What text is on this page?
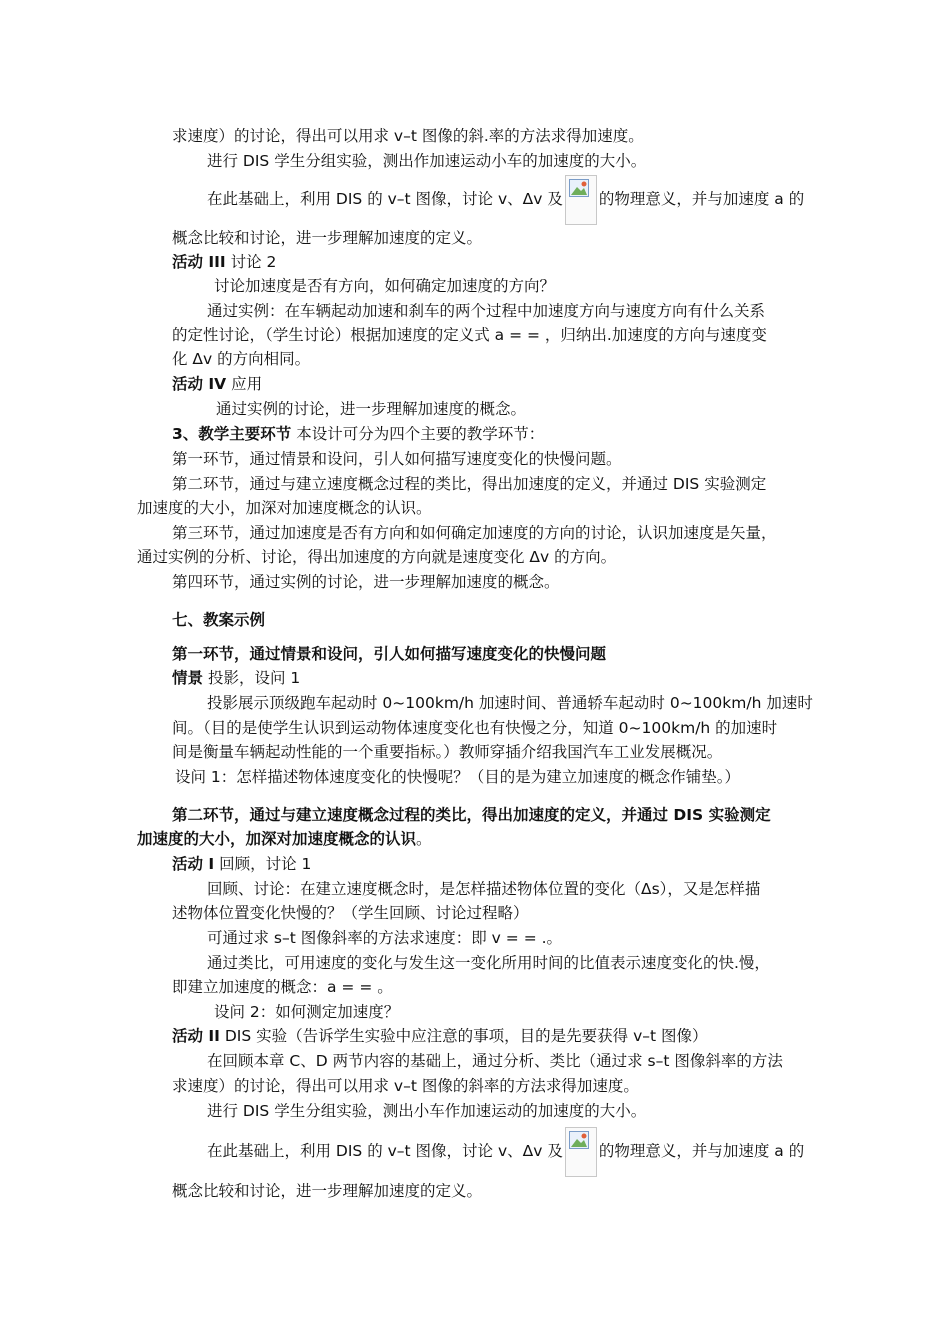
求速度）的讨论，得出可以用求 v–t 图像的斜.率的方法求得加速度。
进行 DIS 学生分组实验，测出作加速运动小车的加速度的大小。
在此基础上，利用 DIS 的 v–t 图像，讨论 v、Δv 及 的物理意义，并与加速度 a 的
概念比较和讨论，进一步理解加速度的定义。
活动 III 讨论 2
讨论加速度是否有方向，如何确定加速度的方向？
通过实例：在车辆起动加速和刹车的两个过程中加速度方向与速度方向有什么关系
的定性讨论，（学生讨论）根据加速度的定义式 a = = ，归纳出.加速度的方向与速度变
化 Δv 的方向相同。
活动 IV 应用
通过实例的讨论，进一步理解加速度的概念。
3、教学主要环节 本设计可分为四个主要的教学环节：
第一环节，通过情景和设问，引人如何描写速度变化的快慢问题。
第二环节，通过与建立速度概念过程的类比，得出加速度的定义，并通过 DIS 实验测定
加速度的大小，加深对加速度概念的认识。
第三环节，通过加速度是否有方向和如何确定加速度的方向的讨论，认识加速度是矢量，
通过实例的分析、讨论，得出加速度的方向就是速度变化 Δv 的方向。
第四环节，通过实例的讨论，进一步理解加速度的概念。
七、教案示例
第一环节，通过情景和设问，引人如何描写速度变化的快慢问题
情景 投影，设问 1
投影展示顶级跑车起动时 0~100km/h 加速时间、普通轿车起动时 0~100km/h 加速时
间。（目的是使学生认识到运动物体速度变化也有快慢之分，知道 0~100km/h 的加速时
间是衡量车辆起动性能的一个重要指标。）教师穿插介绍我国汽车工业发展概况。
设问 1：怎样描述物体速度变化的快慢呢？（目的是为建立加速度的概念作铺垫。）
第二环节，通过与建立速度概念过程的类比，得出加速度的定义，并通过 DIS 实验测定
加速度的大小，加深对加速度概念的认识。
活动 I 回顾，讨论 1
回顾、讨论：在建立速度概念时，是怎样描述物体位置的变化（Δs），又是怎样描
述物体位置变化快慢的？（学生回顾、讨论过程略）
可通过求 s–t 图像斜率的方法求速度：即 v = = .。
通过类比，可用速度的变化与发生这一变化所用时间的比值表示速度变化的快.慢，
即建立加速度的概念：a = = 。
设问 2：如何测定加速度？
活动 II DIS 实验（告诉学生实验中应注意的事项，目的是先要获得 v–t 图像）
在回顾本章 C、D 两节内容的基础上，通过分析、类比（通过求 s–t 图像斜率的方法
求速度）的讨论，得出可以用求 v–t 图像的斜率的方法求得加速度。
进行 DIS 学生分组实验，测出小车作加速运动的加速度的大小。
在此基础上，利用 DIS 的 v–t 图像，讨论 v、Δv 及 的物理意义，并与加速度 a 的
概念比较和讨论，进一步理解加速度的定义。
